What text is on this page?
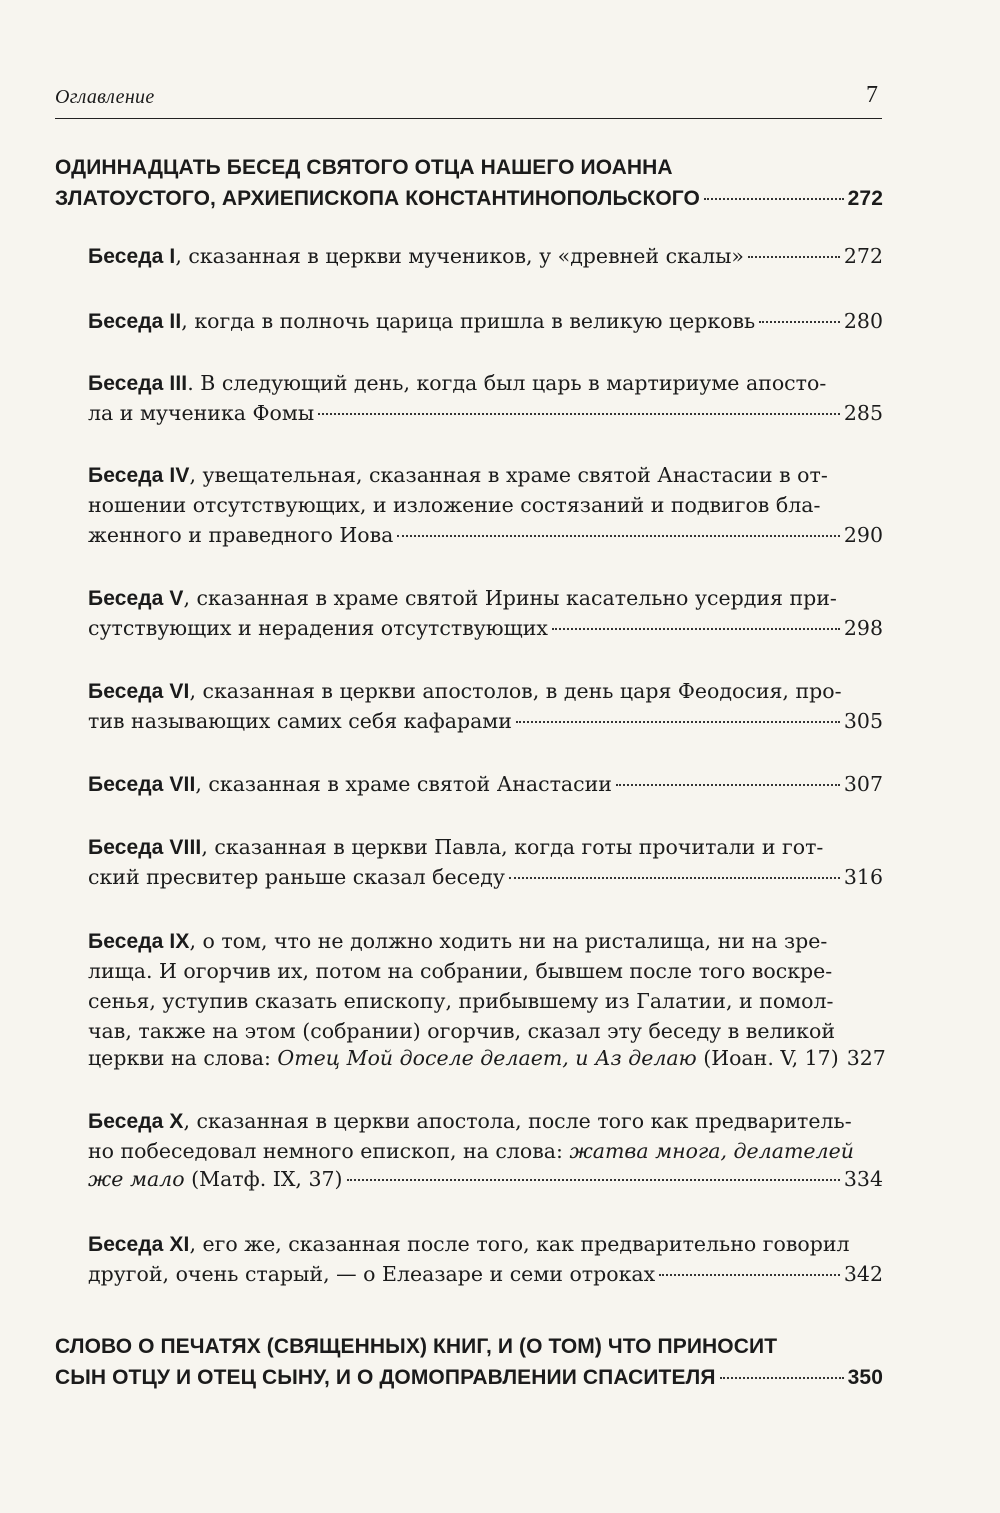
Оглавление	7
ОДИННАДЦАТЬ БЕСЕД СВЯТОГО ОТЦА НАШЕГО ИОАННА
ЗЛАТОУСТОГО, АРХИЕПИСКОПА КОНСТАНТИНОПОЛЬСКОГО	272
Беседа I, сказанная в церкви мучеников, у «древней скалы»	272
Беседа II, когда в полночь царица пришла в великую церковь	280
Беседа III. В следующий день, когда был царь в мартириуме апосто-
ла и мученика Фомы	285
Беседа IV, увещательная, сказанная в храме святой Анастасии в от-
ношении отсутствующих, и изложение состязаний и подвигов бла-
женного и праведного Иова	290
Беседа V, сказанная в храме святой Ирины касательно усердия при-
сутствующих и нерадения отсутствующих	298
Беседа VI, сказанная в церкви апостолов, в день царя Феодосия, про-
тив называющих самих себя кафарами	305
Беседа VII, сказанная в храме святой Анастасии	307
Беседа VIII, сказанная в церкви Павла, когда готы прочитали и гот-
ский пресвитер раньше сказал беседу	316
Беседа IX, о том, что не должно ходить ни на ристалища, ни на зре-
лища. И огорчив их, потом на собрании, бывшем после того воскре-
сенья, уступив сказать епископу, прибывшему из Галатии, и помол-
чав, также на этом (собрании) огорчив, сказал эту беседу в великой
церкви на слова: Отец Мой доселе делает, и Аз делаю (Иоан. V, 17) 327
Беседа X, сказанная в церкви апостола, после того как предваритель-
но побеседовал немного епископ, на слова: жатва многа, делателей
же мало (Матф. IX, 37)	334
Беседа XI, его же, сказанная после того, как предварительно говорил
другой, очень старый, — о Елеазаре и семи отроках	342
СЛОВО О ПЕЧАТЯХ (СВЯЩЕННЫХ) КНИГ, И (О ТОМ) ЧТО ПРИНОСИТ
СЫН ОТЦУ И ОТЕЦ СЫНУ, И О ДОМОПРАВЛЕНИИ СПАСИТЕЛЯ	350
